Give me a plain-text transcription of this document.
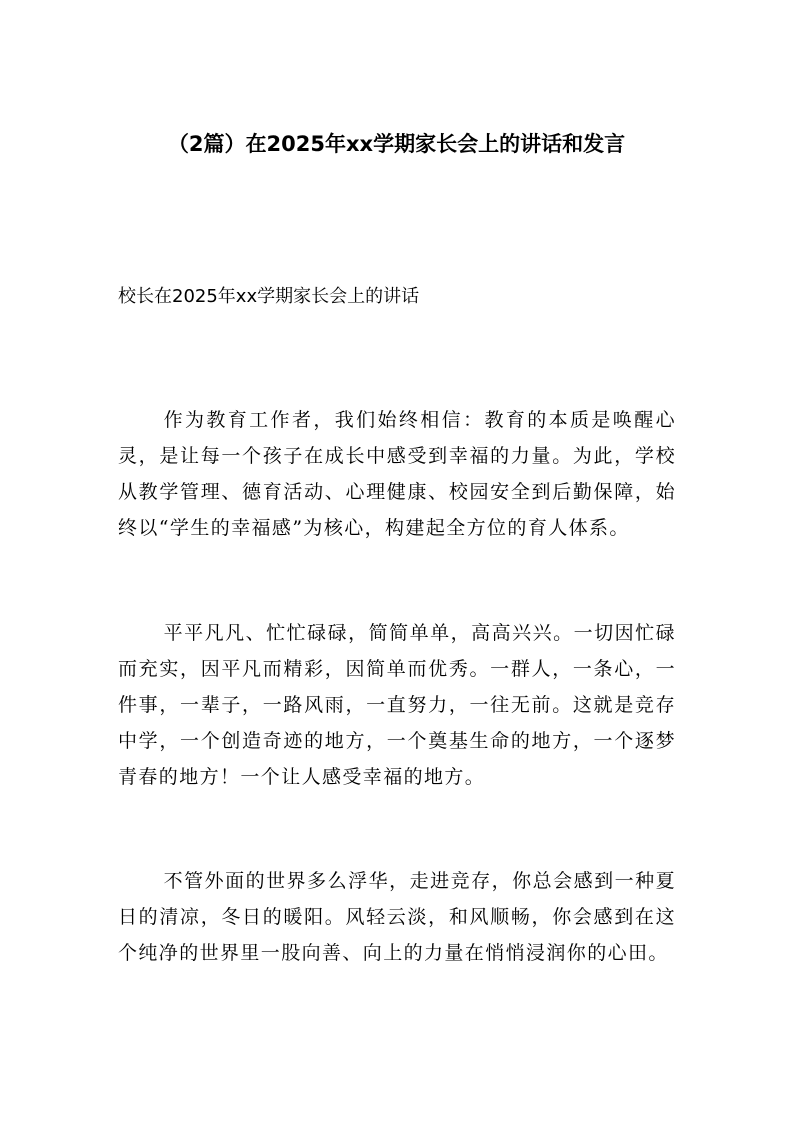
（2篇）在2025年xx学期家长会上的讲话和发言
校长在2025年xx学期家长会上的讲话

作为教育工作者，我们始终相信：教育的本质是唤醒心灵，是让每一个孩子在成长中感受到幸福的力量。为此，学校从教学管理、德育活动、心理健康、校园安全到后勤保障，始终以“学生的幸福感”为核心，构建起全方位的育人体系。

平平凡凡、忙忙碌碌，简简单单，高高兴兴。一切因忙碌而充实，因平凡而精彩，因简单而优秀。一群人，一条心，一件事，一辈子，一路风雨，一直努力，一往无前。这就是竞存中学，一个创造奇迹的地方，一个奠基生命的地方，一个逐梦青春的地方！一个让人感受幸福的地方。

不管外面的世界多么浮华，走进竞存，你总会感到一种夏日的清凉，冬日的暖阳。风轻云淡，和风顺畅，你会感到在这个纯净的世界里一股向善、向上的力量在悄悄浸润你的心田。
